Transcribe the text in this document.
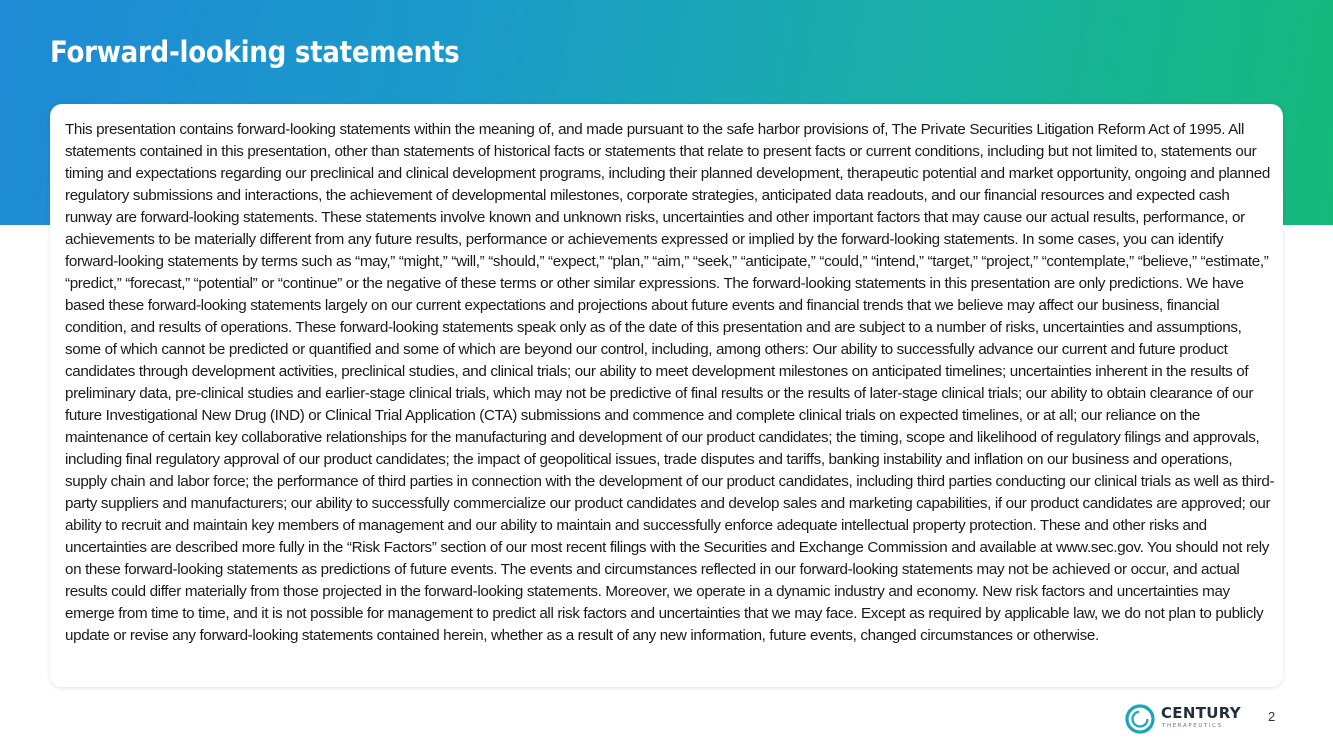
Forward-looking statements

This presentation contains forward-looking statements within the meaning of, and made pursuant to the safe harbor provisions of, The Private Securities Litigation Reform Act of 1995. All statements contained in this presentation, other than statements of historical facts or statements that relate to present facts or current conditions, including but not limited to, statements our timing and expectations regarding our preclinical and clinical development programs, including their planned development, therapeutic potential and market opportunity, ongoing and planned regulatory submissions and interactions, the achievement of developmental milestones, corporate strategies, anticipated data readouts, and our financial resources and expected cash runway are forward-looking statements. These statements involve known and unknown risks, uncertainties and other important factors that may cause our actual results, performance, or achievements to be materially different from any future results, performance or achievements expressed or implied by the forward-looking statements. In some cases, you can identify forward-looking statements by terms such as “may,” “might,” “will,” “should,” “expect,” “plan,” “aim,” “seek,” “anticipate,” “could,” “intend,” “target,” “project,” “contemplate,” “believe,” “estimate,” “predict,” “forecast,” “potential” or “continue” or the negative of these terms or other similar expressions. The forward-looking statements in this presentation are only predictions. We have based these forward-looking statements largely on our current expectations and projections about future events and financial trends that we believe may affect our business, financial condition, and results of operations. These forward-looking statements speak only as of the date of this presentation and are subject to a number of risks, uncertainties and assumptions, some of which cannot be predicted or quantified and some of which are beyond our control, including, among others: Our ability to successfully advance our current and future product candidates through development activities, preclinical studies, and clinical trials; our ability to meet development milestones on anticipated timelines; uncertainties inherent in the results of preliminary data, pre-clinical studies and earlier-stage clinical trials, which may not be predictive of final results or the results of later-stage clinical trials; our ability to obtain clearance of our future Investigational New Drug (IND) or Clinical Trial Application (CTA) submissions and commence and complete clinical trials on expected timelines, or at all; our reliance on the maintenance of certain key collaborative relationships for the manufacturing and development of our product candidates; the timing, scope and likelihood of regulatory filings and approvals, including final regulatory approval of our product candidates; the impact of geopolitical issues, trade disputes and tariffs, banking instability and inflation on our business and operations, supply chain and labor force; the performance of third parties in connection with the development of our product candidates, including third parties conducting our clinical trials as well as third-party suppliers and manufacturers; our ability to successfully commercialize our product candidates and develop sales and marketing capabilities, if our product candidates are approved; our ability to recruit and maintain key members of management and our ability to maintain and successfully enforce adequate intellectual property protection. These and other risks and uncertainties are described more fully in the “Risk Factors” section of our most recent filings with the Securities and Exchange Commission and available at www.sec.gov. You should not rely on these forward-looking statements as predictions of future events. The events and circumstances reflected in our forward-looking statements may not be achieved or occur, and actual results could differ materially from those projected in the forward-looking statements. Moreover, we operate in a dynamic industry and economy. New risk factors and uncertainties may emerge from time to time, and it is not possible for management to predict all risk factors and uncertainties that we may face. Except as required by applicable law, we do not plan to publicly update or revise any forward-looking statements contained herein, whether as a result of any new information, future events, changed circumstances or otherwise.

CENTURY
THERAPEUTICS
2
